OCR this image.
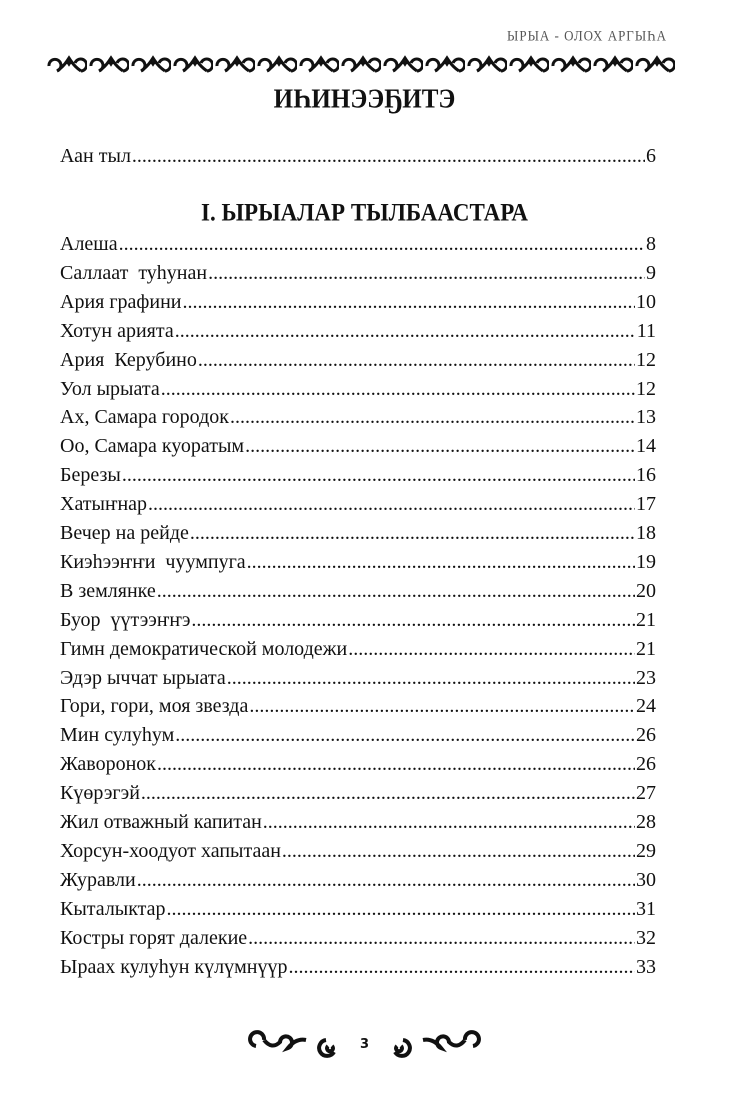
ЫРЫА - ОЛОХ АРГЫҺА
ИҺИНЭЭҔИТЭ
Аан тыл .....	6
I. ЫРЫАЛАР ТЫЛБААСТАРА
Алеша .....	8
Саллаат  туһунан .....	9
Ария графини .....	10
Хотун арията .....	11
Ария  Керубино .....	12
Уол ырыата .....	12
Ах, Самара городок .....	13
Оо, Самара куоратым .....	14
Березы .....	16
Хатыҥнар .....	17
Вечер на рейде .....	18
Киэһээҥҥи  чуумпуга .....	19
В землянке .....	20
Буор  үүтээҥҥэ .....	21
Гимн демократической молодежи .....	21
Эдэр ыччат ырыата .....	23
Гори, гори, моя звезда .....	24
Мин сулуһум .....	26
Жаворонок .....	26
Күөрэгэй .....	27
Жил отважный капитан .....	28
Хорсун-хоодуот хапытаан .....	29
Журавли .....	30
Кыталыктар .....	31
Костры горят далекие .....	32
Ыраах кулуһун күлүмнүүр .....	33
3
